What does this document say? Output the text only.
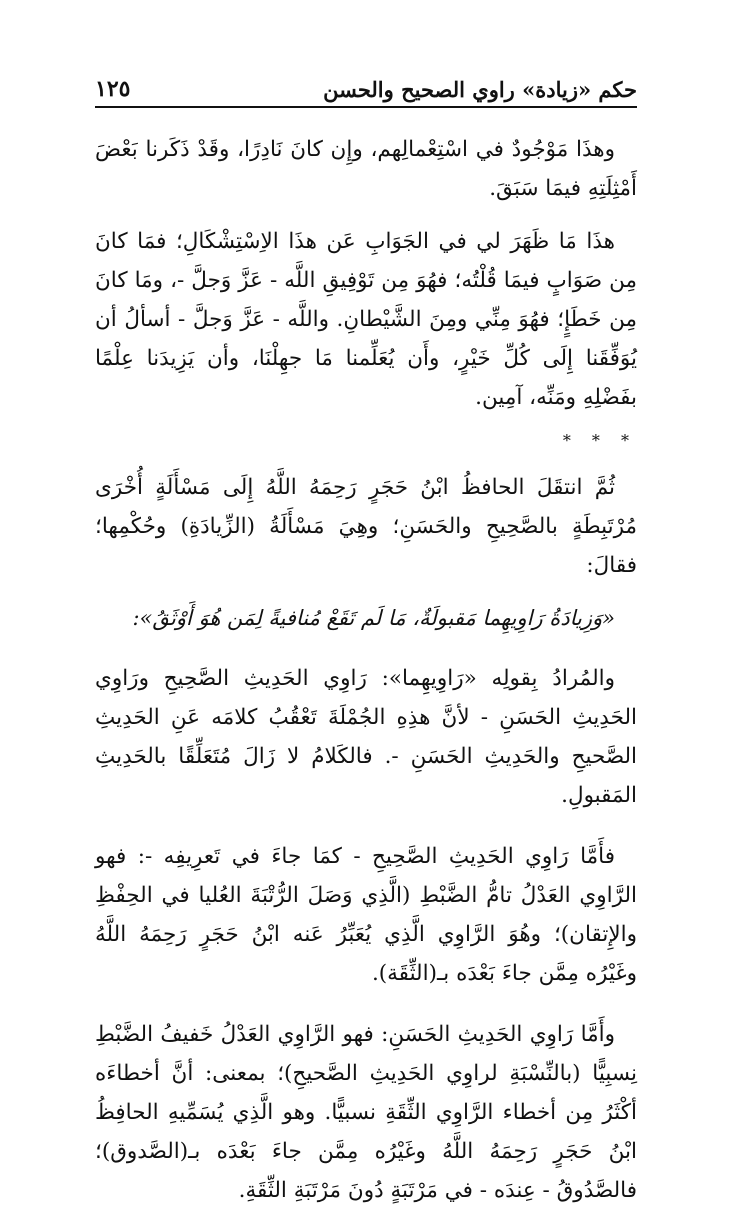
حكم «زيادة» راوي الصحيح والحسن
١٢٥

وهذَا مَوْجُودٌ في اسْتِعْمالِهم، وإِن كانَ نَادِرًا، وقَدْ ذَكَرنا بَعْضَ أَمْثِلَتِهِ فيمَا سَبَقَ.

هذَا مَا ظَهَرَ لي في الجَوَابِ عَن هذَا الاِسْتِشْكَالِ؛ فمَا كانَ مِن صَوَابٍ فيمَا قُلْتُه؛ فهُوَ مِن تَوْفِيقِ اللَّه - عَزَّ وَجلَّ -، ومَا كانَ مِن خَطَإٍ؛ فهُوَ مِنِّي ومِنَ الشَّيْطانِ. واللَّه - عَزَّ وَجلَّ - أسألُ أن يُوَفِّقَنا إِلَى كُلِّ خَيْرٍ، وأَن يُعَلِّمنا مَا جهِلْنَا، وأن يَزِيدَنا عِلْمًا بفَضْلِهِ ومَنِّه، آمِين.

* * *

ثُمَّ انتقَلَ الحافظُ ابْنُ حَجَرٍ رَحِمَهُ اللَّهُ إِلَى مَسْأَلَةٍ أُخْرَى مُرْتَبِطَةٍ بالصَّحِيحِ والحَسَنِ؛ وهِيَ مَسْأَلَةُ (الزِّيادَةِ) وحُكْمِها؛ فقالَ:

«وَزِيادَةُ رَاوِيهِما مَقبولَةٌ، مَا لَم تَقَعْ مُنافيةً لِمَن هُوَ أَوْثَقُ»:

والمُرادُ بِقولِه «رَاوِيهِما»: رَاوِي الحَدِيثِ الصَّحِيحِ ورَاوِي الحَدِيثِ الحَسَنِ - لأنَّ هذِهِ الجُمْلَةَ تَعْقُبُ كلامَه عَنِ الحَدِيثِ الصَّحيحِ والحَدِيثِ الحَسَنِ -. فالكَلامُ لا زَالَ مُتَعَلِّقًا بالحَدِيثِ المَقبولِ.

فأَمَّا رَاوِي الحَدِيثِ الصَّحِيحِ - كمَا جاءَ في تَعرِيفِه -: فهو الرَّاوِي العَدْلُ تامُّ الضَّبْطِ (الَّذِي وَصَلَ الرُّتْبَةَ العُليا في الحِفْظِ والإِتقان)؛ وهُوَ الرَّاوِي الَّذِي يُعَبِّرُ عَنه ابْنُ حَجَرٍ رَحِمَهُ اللَّهُ وغَيْرُه مِمَّن جاءَ بَعْدَه بـ(الثِّقَة).

وأَمَّا رَاوِي الحَدِيثِ الحَسَنِ: فهو الرَّاوِي العَدْلُ خَفيفُ الضَّبْطِ نِسبِيًّا (بالنِّسْبَةِ لراوِي الحَدِيثِ الصَّحيحِ)؛ بمعنى: أنَّ أخطاءَه أكْثَرُ مِن أخطاء الرَّاوِي الثِّقَةِ نسبيًّا. وهو الَّذِي يُسَمِّيهِ الحافِظُ ابْنُ حَجَرٍ رَحِمَهُ اللَّهُ وغَيْرُه مِمَّن جاءَ بَعْدَه بـ(الصَّدوق)؛ فالصَّدُوقُ - عِندَه - في مَرْتَبَةٍ دُونَ مَرْتَبَةِ الثِّقَةِ.
